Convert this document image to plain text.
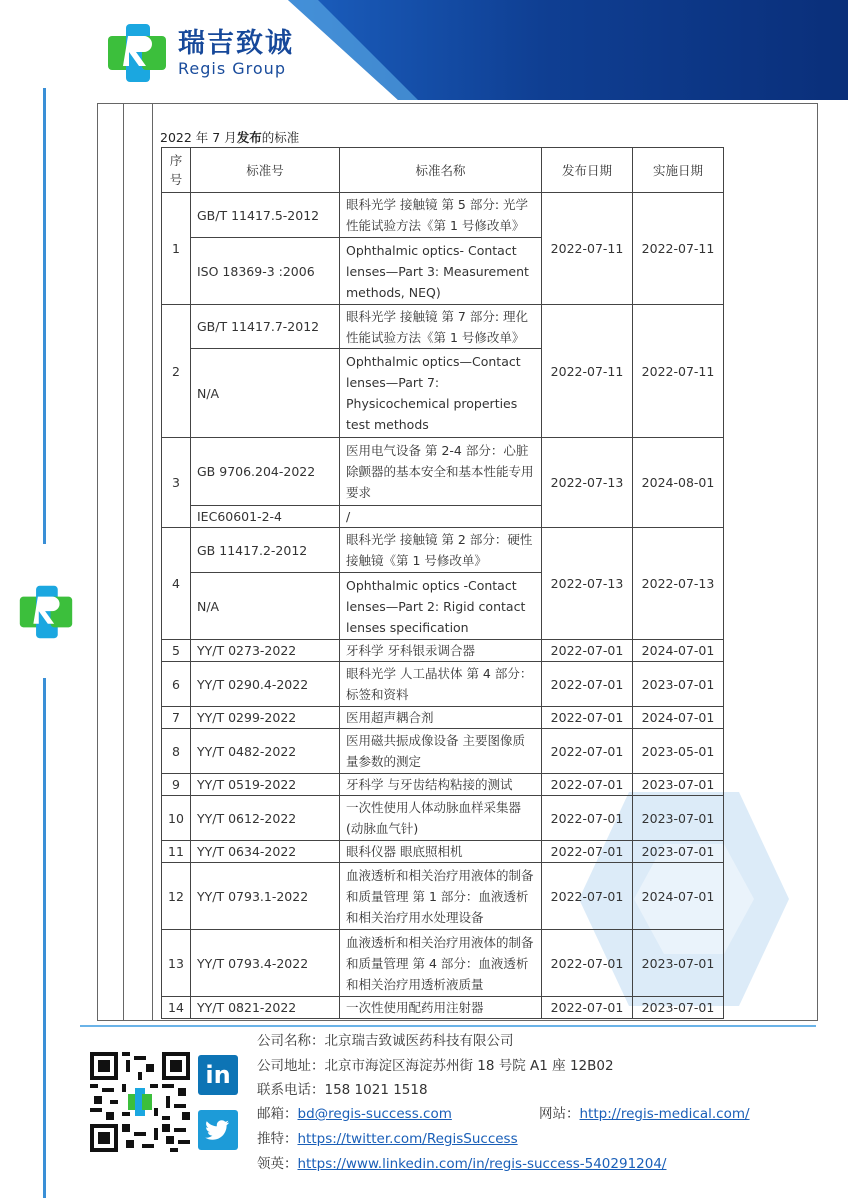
瑞吉致诚
Regis Group
2022 年 7 月发布的标准
序号	标准号	标准名称	发布日期	实施日期
1	GB/T 11417.5-2012	眼科光学 接触镜 第 5 部分: 光学性能试验方法《第 1 号修改单》	2022-07-11	2022-07-11
	ISO 18369-3 :2006	Ophthalmic optics- Contact lenses—Part 3: Measurement methods, NEQ)		
2	GB/T 11417.7-2012	眼科光学 接触镜 第 7 部分: 理化性能试验方法《第 1 号修改单》	2022-07-11	2022-07-11
	N/A	Ophthalmic optics—Contact lenses—Part 7: Physicochemical properties test methods		
3	GB 9706.204-2022	医用电气设备 第 2-4 部分：心脏除颤器的基本安全和基本性能专用要求	2022-07-13	2024-08-01
	IEC60601-2-4	/		
4	GB 11417.2-2012	眼科光学 接触镜 第 2 部分：硬性接触镜《第 1 号修改单》	2022-07-13	2022-07-13
	N/A	Ophthalmic optics -Contact lenses—Part 2: Rigid contact lenses specification		
5	YY/T 0273-2022	牙科学 牙科银汞调合器	2022-07-01	2024-07-01
6	YY/T 0290.4-2022	眼科光学 人工晶状体 第 4 部分：标签和资料	2022-07-01	2023-07-01
7	YY/T 0299-2022	医用超声耦合剂	2022-07-01	2024-07-01
8	YY/T 0482-2022	医用磁共振成像设备 主要图像质量参数的测定	2022-07-01	2023-05-01
9	YY/T 0519-2022	牙科学 与牙齿结构粘接的测试	2022-07-01	2023-07-01
10	YY/T 0612-2022	一次性使用人体动脉血样采集器(动脉血气针)	2022-07-01	2023-07-01
11	YY/T 0634-2022	眼科仪器 眼底照相机	2022-07-01	2023-07-01
12	YY/T 0793.1-2022	血液透析和相关治疗用液体的制备和质量管理 第 1 部分：血液透析和相关治疗用水处理设备	2022-07-01	2024-07-01
13	YY/T 0793.4-2022	血液透析和相关治疗用液体的制备和质量管理 第 4 部分：血液透析和相关治疗用透析液质量	2022-07-01	2023-07-01
14	YY/T 0821-2022	一次性使用配药用注射器	2022-07-01	2023-07-01
in
公司名称：北京瑞吉致诚医药科技有限公司
公司地址：北京市海淀区海淀苏州街 18 号院 A1 座 12B02
联系电话：158 1021 1518
邮箱：bd@regis-success.com	网站：http://regis-medical.com/
推特：https://twitter.com/RegisSuccess
领英：https://www.linkedin.com/in/regis-success-540291204/
